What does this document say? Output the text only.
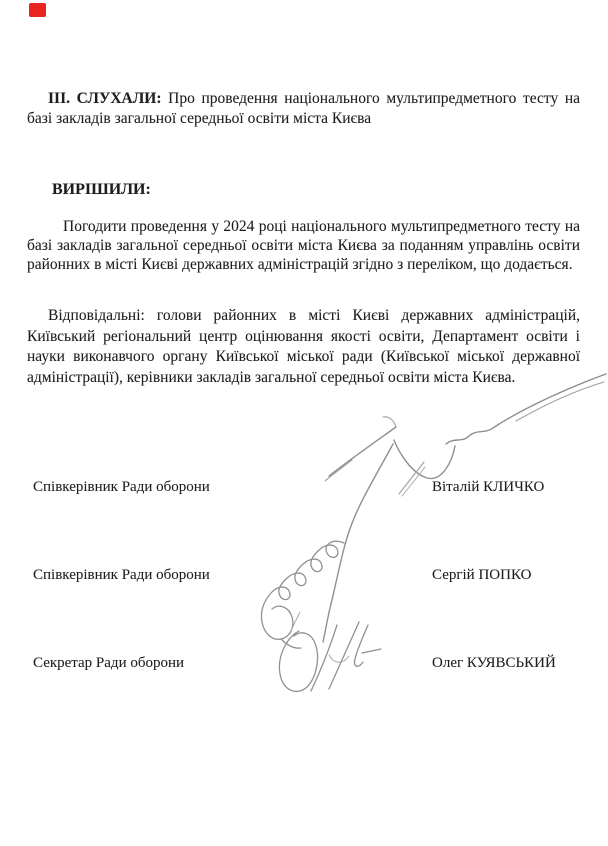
ІІІ. СЛУХАЛИ: Про проведення національного мультипредметного тесту на базі закладів загальної середньої освіти міста Києва
ВИРІШИЛИ:
Погодити проведення у 2024 році національного мультипредметного тесту на базі закладів загальної середньої освіти міста Києва за поданням управлінь освіти районних в місті Києві державних адміністрацій згідно з переліком, що додається.
Відповідальні: голови районних в місті Києві державних адміністрацій, Київський регіональний центр оцінювання якості освіти, Департамент освіти і науки виконавчого органу Київської міської ради (Київської міської державної адміністрації), керівники закладів загальної середньої освіти міста Києва.
Співкерівник Ради оборони	Віталій КЛИЧКО
Співкерівник Ради оборони	Сергій ПОПКО
Секретар Ради оборони	Олег КУЯВСЬКИЙ
